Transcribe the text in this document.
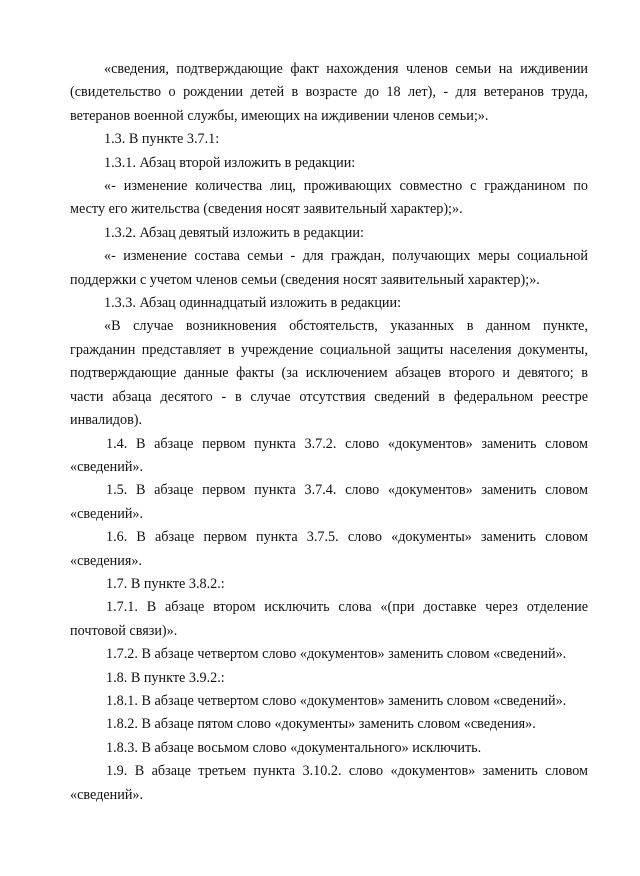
«сведения, подтверждающие факт нахождения членов семьи на иждивении (свидетельство о рождении детей в возрасте до 18 лет), - для ветеранов труда, ветеранов военной службы, имеющих на иждивении членов семьи;».

1.3. В пункте 3.7.1:

1.3.1. Абзац второй изложить в редакции:

«- изменение количества лиц, проживающих совместно с гражданином по месту его жительства (сведения носят заявительный характер);».

1.3.2. Абзац девятый изложить в редакции:

«- изменение состава семьи - для граждан, получающих меры социальной поддержки с учетом членов семьи (сведения носят заявительный характер);».

1.3.3. Абзац одиннадцатый изложить в редакции:

«В случае возникновения обстоятельств, указанных в данном пункте, гражданин представляет в учреждение социальной защиты населения документы, подтверждающие данные факты (за исключением абзацев второго и девятого; в части абзаца десятого - в случае отсутствия сведений в федеральном реестре инвалидов).

1.4. В абзаце первом пункта 3.7.2. слово «документов» заменить словом «сведений».

1.5. В абзаце первом пункта 3.7.4. слово «документов» заменить словом «сведений».

1.6. В абзаце первом пункта 3.7.5. слово «документы» заменить словом «сведения».

1.7. В пункте 3.8.2.:

1.7.1. В абзаце втором исключить слова «(при доставке через отделение почтовой связи)».

1.7.2. В абзаце четвертом слово «документов» заменить словом «сведений».

1.8. В пункте 3.9.2.:

1.8.1. В абзаце четвертом слово «документов» заменить словом «сведений».

1.8.2. В абзаце пятом слово «документы» заменить словом «сведения».

1.8.3. В абзаце восьмом слово «документального» исключить.

1.9. В абзаце третьем пункта 3.10.2. слово «документов» заменить словом «сведений».
